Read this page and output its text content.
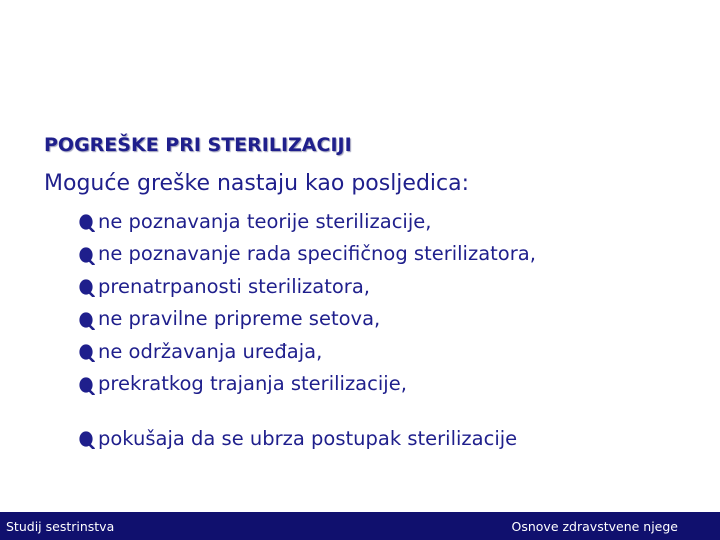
POGREŠKE PRI STERILIZACIJI
Moguće greške nastaju kao posljedica:
ne poznavanja teorije sterilizacije,
ne poznavanje rada specifičnog sterilizatora,
prenatrpanosti sterilizatora,
ne pravilne pripreme setova,
ne održavanja uređaja,
prekratkog trajanja sterilizacije,
pokušaja da se ubrza postupak sterilizacije
Studij sestrinstva	Osnove zdravstvene njege
